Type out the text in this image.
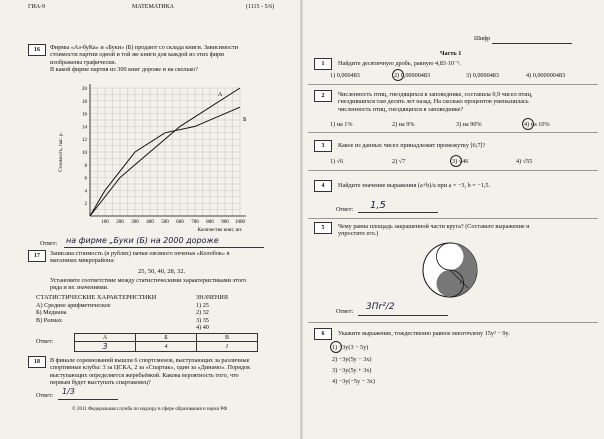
ГИА-9	МАТЕМАТИКА	(1115 - 5/6)
Шифр
16	Фирмы «Аз-буКа» и «Буки» (Б) продают со склада книги. Зависимости
стоимости партии одной и той же книги для каждой из этих фирм
изображены графически.
В какой фирме партия из 300 книг дороже и на сколько?
2
4
6
8
10
12
14
16
18
20
100 200 300 400 500 600 700 800 900 1000
Стоимость, тыс. р.
Количество книг, шт.
А
Б
Ответ: на фирме „Буки (Б) на 2000 дороже
17	Записана стоимость (в рублях) пачки овсяного печенья «Колобок» в
магазинах микрорайона:
25, 50, 40, 28, 32.
Установите соответствие между статистическими характеристиками этого
ряда и их значениями.
СТАТИСТИЧЕСКИЕ ХАРАКТЕРИСТИКИ	ЗНАЧЕНИЯ
А) Среднее арифметическое
Б) Медиана
В) Размах
1) 25
2) 32
3) 35
4) 40
Ответ:
А	Б	В
3	4	1
18	В финале соревнований вышли 6 спортсменов, выступающих за различные
спортивные клубы: 3 за ЦСКА, 2 за «Спартак», один за «Динамо». Порядок
выступающих определяется жеребьёвкой. Какова вероятность того, что
первым будет выступать спартаковец?
Ответ: 1/3
© 2011 Федеральная служба по надзору в сфере образования и науки РФ
Часть 1
1	Найдите десятичную дробь, равную 4,83·10⁻⁶.
1) 0,000483	2) 0,00000483	3) 0,0000483	4) 0,000000483
2	Численность птиц, гнездящихся в заповеднике, составила 0,9 чисел птиц,
гнездившихся там десять лет назад. На сколько процентов уменьшилась
численность птиц, гнездящихся в заповеднике?
1) на 1%	2) на 9%	3) на 90%	4) на 10%
3	Какое из данных чисел принадлежит промежутку [6;7]?
1) √6	2) √7	3) √46	4) √55
4	Найдите значение выражения (a+b)/a при a = −3, b = −1,5.
Ответ: 1,5
5	Чему равна площадь закрашенной части круга? (Составьте выражение и
упростите его.)
r
Ответ: 3Пr²/2
6	Укажите выражение, тождественно равное многочлену 15y² − 9y.
1) −3y(3 − 5y)
2) −3y(5y − 3x)
3) −3y(5y + 3x)
4) −3y(−5y − 3x)
